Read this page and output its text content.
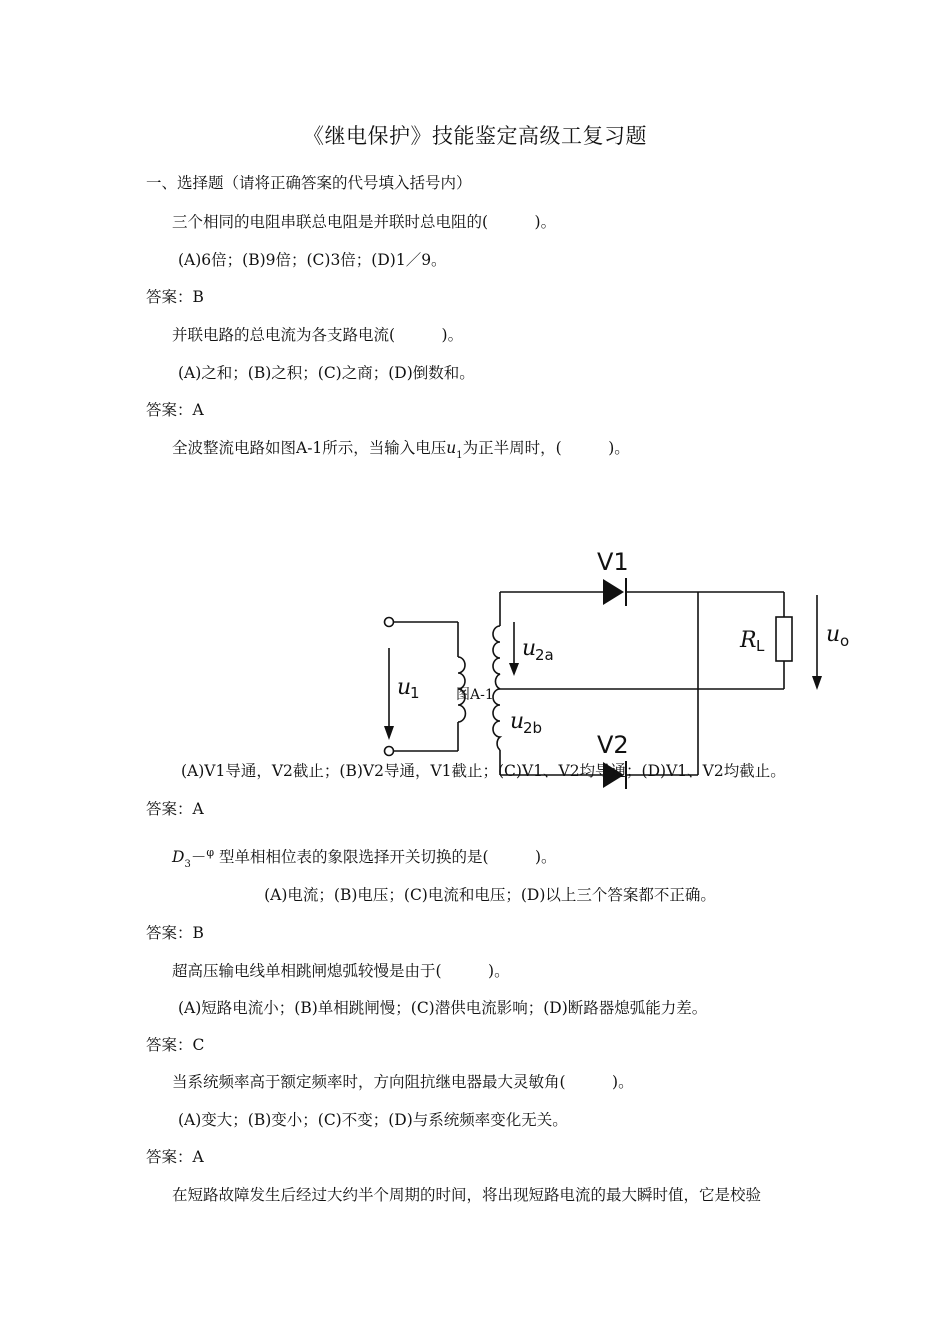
《继电保护》技能鉴定高级工复习题
一、选择题（请将正确答案的代号填入括号内）
三个相同的电阻串联总电阻是并联时总电阻的(　　　)。
(A)6倍；(B)9倍；(C)3倍；(D)1／9。
答案：B
并联电路的总电流为各支路电流(　　　)。
(A)之和；(B)之积；(C)之商；(D)倒数和。
答案：A
全波整流电路如图A-1所示，当输入电压$u_1$为正半周时，(　　　)。
V1
V2
u
1
u
2a
u
2b
R L	u o
图A-1
(A)V1导通，V2截止；(B)V2导通，V1截止；(C)V1、V2均导通；(D)V1、V2均截止。
答案：A
$D_3-^\varphi$ 型单相相位表的象限选择开关切换的是(　　　)。
(A)电流；(B)电压；(C)电流和电压；(D)以上三个答案都不正确。
答案：B
超高压输电线单相跳闸熄弧较慢是由于(　　　)。
(A)短路电流小；(B)单相跳闸慢；(C)潜供电流影响；(D)断路器熄弧能力差。
答案：C
当系统频率高于额定频率时，方向阻抗继电器最大灵敏角(　　　)。
(A)变大；(B)变小；(C)不变；(D)与系统频率变化无关。
答案：A
在短路故障发生后经过大约半个周期的时间，将出现短路电流的最大瞬时值，它是校验
